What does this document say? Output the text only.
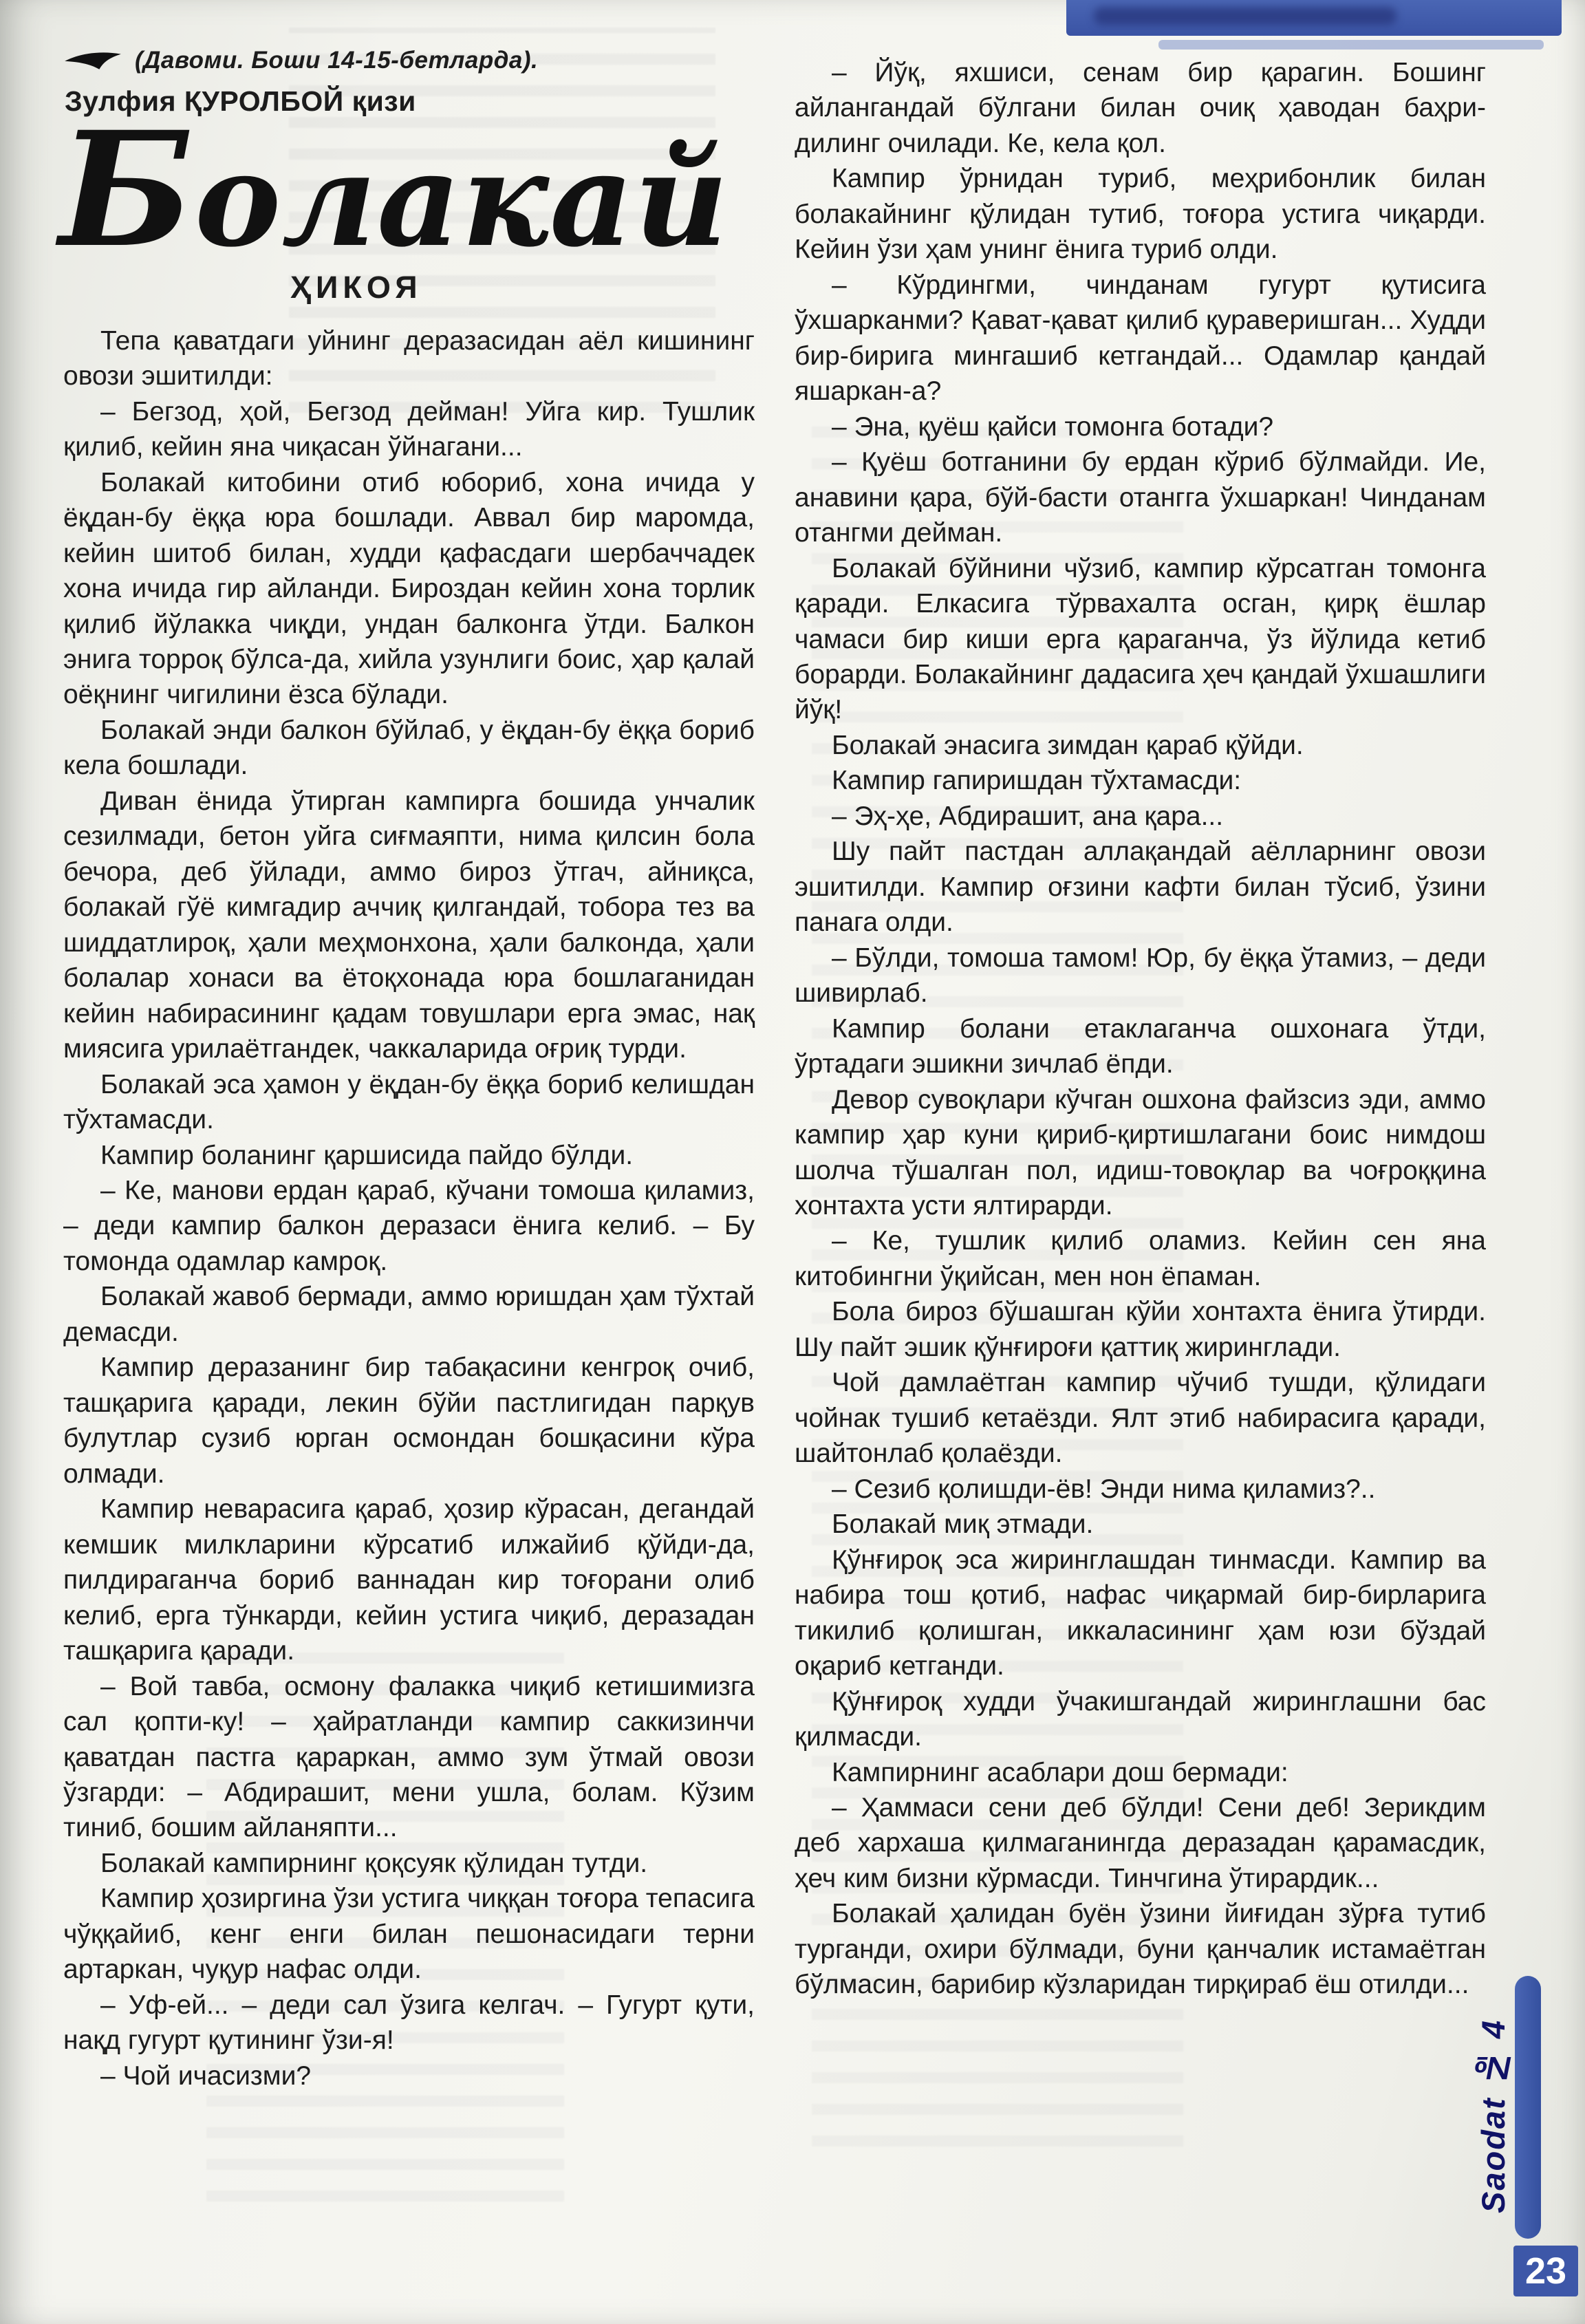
(Давоми. Боши 14-15-бетларда).
Зулфия ҚУРОЛБОЙ қизи
Болакай
ҲИКОЯ

Тепа қаватдаги уйнинг деразасидан аёл кишининг овози эшитилди:

– Бегзод, ҳой, Бегзод дейман! Уйга кир. Тушлик қилиб, кейин яна чиқасан ўйнагани...

Болакай китобини отиб юбориб, хона ичида у ёқдан-бу ёққа юра бошлади. Аввал бир маромда, кейин шитоб билан, худди қафасдаги шербаччадек хона ичида гир айланди. Бироздан кейин хона торлик қилиб йўлакка чиқди, ундан балконга ўтди. Балкон энига торроқ бўлса-да, хийла узунлиги боис, ҳар қалай оёқнинг чигилини ёзса бўлади.

Болакай энди балкон бўйлаб, у ёқдан-бу ёққа бориб кела бошлади.

Диван ёнида ўтирган кампирга бошида унчалик сезилмади, бетон уйга сиғмаяпти, нима қилсин бола бечора, деб ўйлади, аммо бироз ўтгач, айниқса, болакай гўё кимгадир аччиқ қилгандай, тобора тез ва шиддатлироқ, ҳали меҳмонхона, ҳали балконда, ҳали болалар хонаси ва ётоқхонада юра бошлаганидан кейин набирасининг қадам товушлари ерга эмас, нақ миясига урилаётгандек, чаккаларида оғриқ турди.

Болакай эса ҳамон у ёқдан-бу ёққа бориб келишдан тўхтамасди.

Кампир боланинг қаршисида пайдо бўлди.

– Ке, манови ердан қараб, кўчани томоша қиламиз, – деди кампир балкон деразаси ёнига келиб. – Бу томонда одамлар камроқ.

Болакай жавоб бермади, аммо юришдан ҳам тўхтай демасди.

Кампир деразанинг бир табақасини кенгроқ очиб, ташқарига қаради, лекин бўйи пастлигидан парқув булутлар сузиб юрган осмондан бошқасини кўра олмади.

Кампир неварасига қараб, ҳозир кўрасан, дегандай кемшик милкларини кўрсатиб илжайиб қўйди-да, пилдираганча бориб ваннадан кир тоғорани олиб келиб, ерга тўнкарди, кейин устига чиқиб, деразадан ташқарига қаради.

– Вой тавба, осмону фалакка чиқиб кетишимизга сал қопти-ку! – ҳайратланди кампир саккизинчи қаватдан пастга қараркан, аммо зум ўтмай овози ўзгарди: – Абдирашит, мени ушла, болам. Кўзим тиниб, бошим айланяпти...

Болакай кампирнинг қоқсуяк қўлидан тутди.

Кампир ҳозиргина ўзи устига чиққан тоғора тепасига чўққайиб, кенг енги билан пешонасидаги терни артаркан, чуқур нафас олди.

– Уф-ей... – деди сал ўзига келгач. – Гугурт қути, нақд гугурт қутининг ўзи-я!

– Чой ичасизми?

– Йўқ, яхшиси, сенам бир қарагин. Бошинг айлангандай бўлгани билан очиқ ҳаводан баҳри-дилинг очилади. Ке, кела қол.

Кампир ўрнидан туриб, меҳрибонлик билан болакайнинг қўлидан тутиб, тоғора устига чиқарди. Кейин ўзи ҳам унинг ёнига туриб олди.

– Кўрдингми, чинданам гугурт қутисига ўхшарканми? Қават-қават қилиб қураверишган... Худди бир-бирига мингашиб кетгандай... Одамлар қандай яшаркан-а?

– Эна, қуёш қайси томонга ботади?

– Қуёш ботганини бу ердан кўриб бўлмайди. Ие, анавини қара, бўй-басти отангга ўхшаркан! Чинданам отангми дейман.

Болакай бўйнини чўзиб, кампир кўрсатган томонга қаради. Елкасига тўрвахалта осган, қирқ ёшлар чамаси бир киши ерга қараганча, ўз йўлида кетиб борарди. Болакайнинг дадасига ҳеч қандай ўхшашлиги йўқ!

Болакай энасига зимдан қараб қўйди.

Кампир гапиришдан тўхтамасди:

– Эҳ-ҳе, Абдирашит, ана қара...

Шу пайт пастдан аллақандай аёлларнинг овози эшитилди. Кампир оғзини кафти билан тўсиб, ўзини панага олди.

– Бўлди, томоша тамом! Юр, бу ёққа ўтамиз, – деди шивирлаб.

Кампир болани етаклаганча ошхонага ўтди, ўртадаги эшикни зичлаб ёпди.

Девор сувоқлари кўчган ошхона файзсиз эди, аммо кампир ҳар куни қириб-қиртишлагани боис нимдош шолча тўшалган пол, идиш-товоқлар ва чоғроққина хонтахта усти ялтирарди.

– Ке, тушлик қилиб оламиз. Кейин сен яна китобингни ўқийсан, мен нон ёпаман.

Бола бироз бўшашган кўйи хонтахта ёнига ўтирди. Шу пайт эшик қўнғироғи қаттиқ жиринглади.

Чой дамлаётган кампир чўчиб тушди, қўлидаги чойнак тушиб кетаёзди. Ялт этиб набирасига қаради, шайтонлаб қолаёзди.

– Сезиб қолишди-ёв! Энди нима қиламиз?..

Болакай миқ этмади.

Қўнғироқ эса жиринглашдан тинмасди. Кампир ва набира тош қотиб, нафас чиқармай бир-бирларига тикилиб қолишган, иккаласининг ҳам юзи бўздай оқариб кетганди.

Қўнғироқ худди ўчакишгандай жиринглашни бас қилмасди.

Кампирнинг асаблари дош бермади:

– Ҳаммаси сени деб бўлди! Сени деб! Зерикдим деб хархаша қилмаганингда деразадан қарамасдик, ҳеч ким бизни кўрмасди. Тинчгина ўтирардик...

Болакай ҳалидан буён ўзини йиғидан зўрға тутиб турганди, охири бўлмади, буни қанчалик истамаётган бўлмасин, барибир кўзларидан тирқираб ёш отилди...

Saodat № 4
23
